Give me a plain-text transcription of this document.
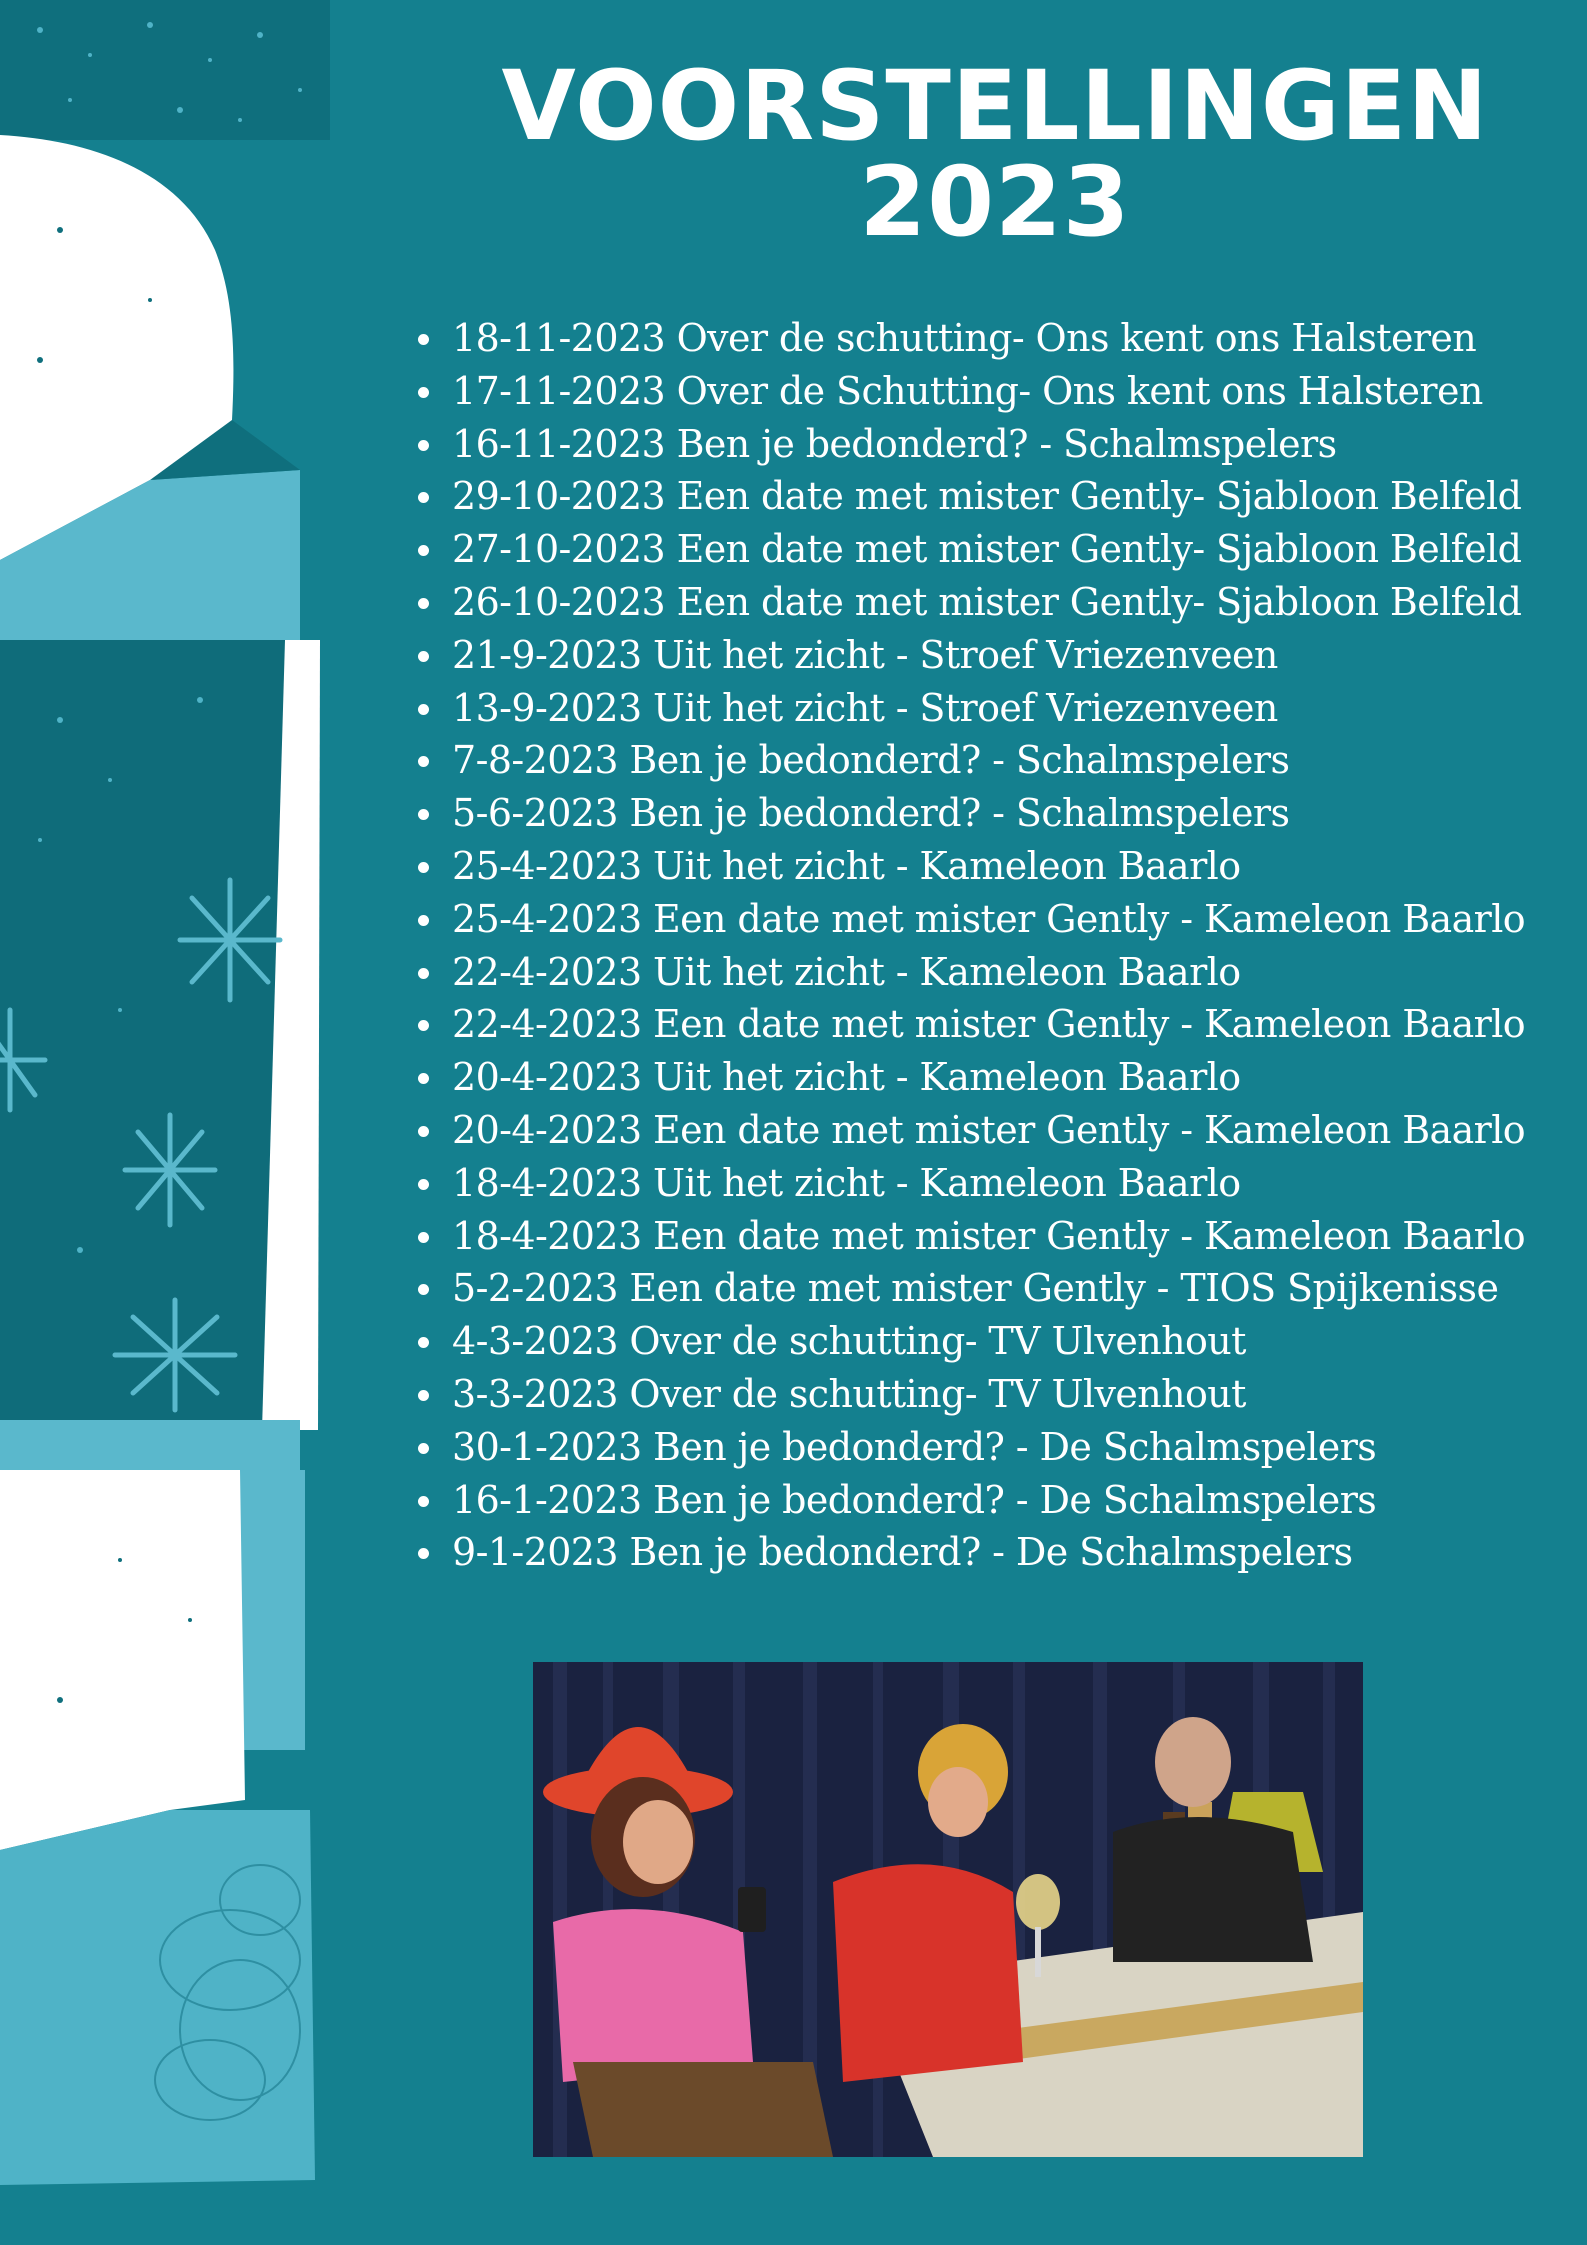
VOORSTELLINGEN
2023
18-11-2023 Over de schutting- Ons kent ons Halsteren
17-11-2023 Over de Schutting- Ons kent ons Halsteren
16-11-2023 Ben je bedonderd? - Schalmspelers
29-10-2023 Een date met mister Gently- Sjabloon Belfeld
27-10-2023 Een date met mister Gently- Sjabloon Belfeld
26-10-2023 Een date met mister Gently- Sjabloon Belfeld
21-9-2023 Uit het zicht - Stroef Vriezenveen
13-9-2023 Uit het zicht - Stroef Vriezenveen
7-8-2023 Ben je bedonderd? - Schalmspelers
5-6-2023 Ben je bedonderd? - Schalmspelers
25-4-2023 Uit het zicht - Kameleon Baarlo
25-4-2023 Een date met mister Gently - Kameleon Baarlo
22-4-2023 Uit het zicht - Kameleon Baarlo
22-4-2023 Een date met mister Gently - Kameleon Baarlo
20-4-2023 Uit het zicht - Kameleon Baarlo
20-4-2023 Een date met mister Gently - Kameleon Baarlo
18-4-2023 Uit het zicht - Kameleon Baarlo
18-4-2023 Een date met mister Gently - Kameleon Baarlo
5-2-2023 Een date met mister Gently - TIOS Spijkenisse
4-3-2023 Over de schutting- TV Ulvenhout
3-3-2023 Over de schutting- TV Ulvenhout
30-1-2023 Ben je bedonderd? - De Schalmspelers
16-1-2023 Ben je bedonderd? - De Schalmspelers
9-1-2023 Ben je bedonderd? - De Schalmspelers
